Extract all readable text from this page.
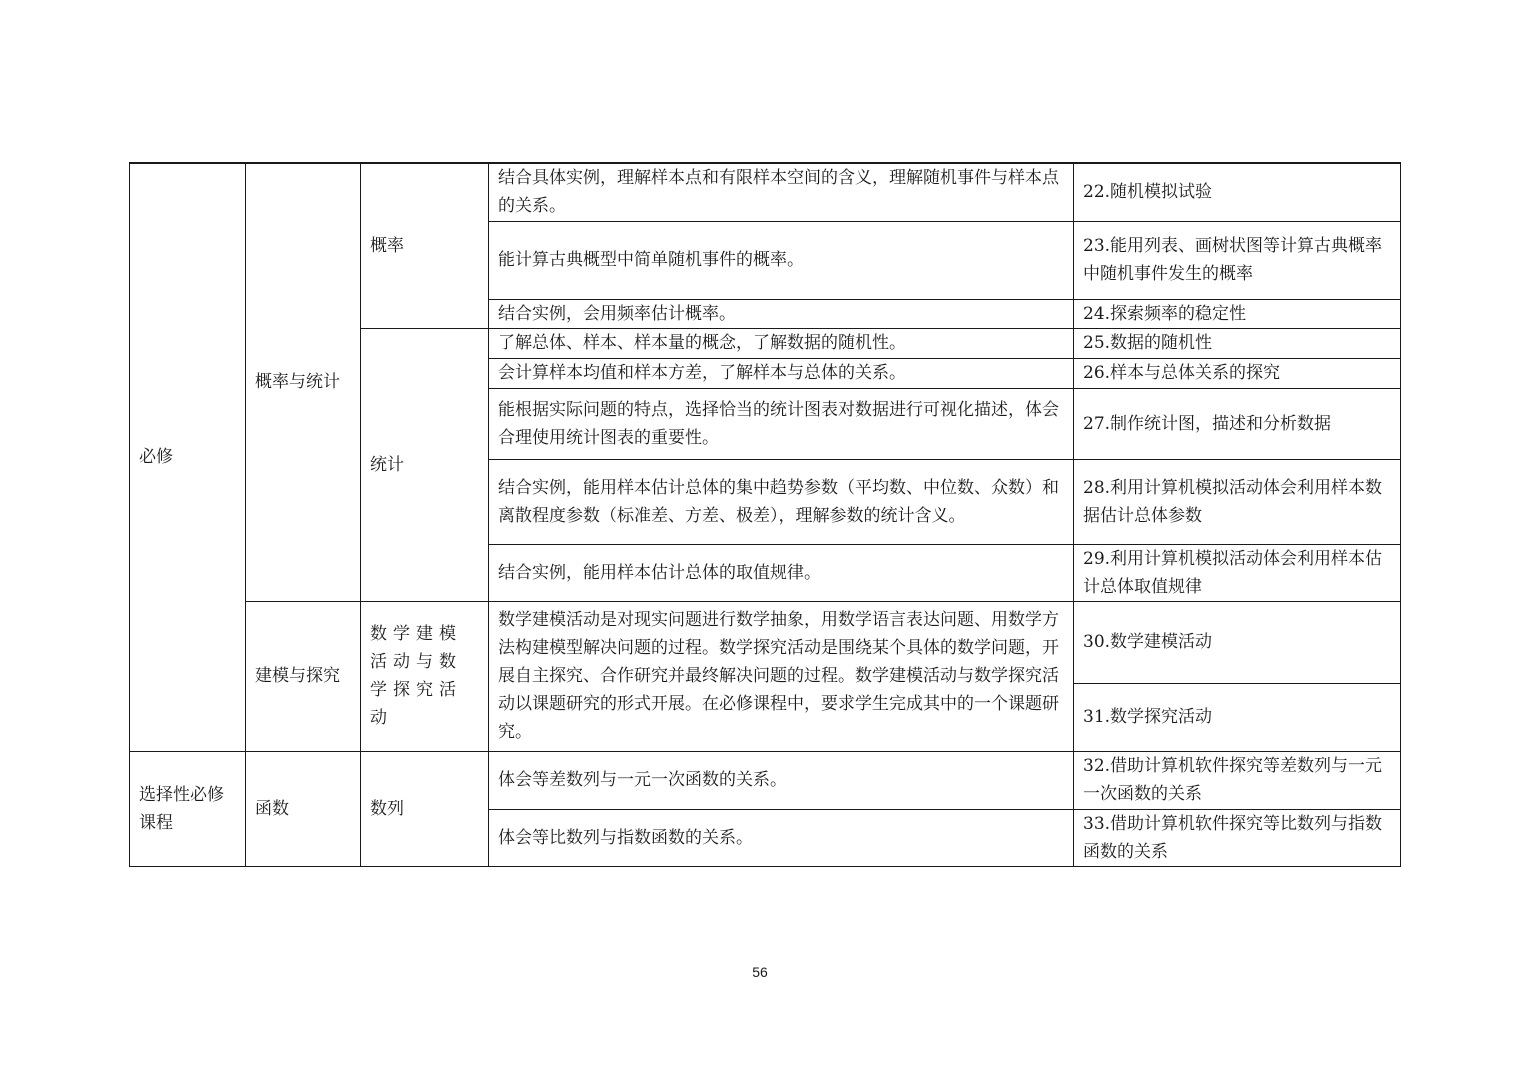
必修	概率与统计	概率	结合具体实例，理解样本点和有限样本空间的含义，理解随机事件与样本点的关系。	22.随机模拟试验
			能计算古典概型中简单随机事件的概率。	23.能用列表、画树状图等计算古典概率中随机事件发生的概率
			结合实例，会用频率估计概率。	24.探索频率的稳定性
		统计	了解总体、样本、样本量的概念，了解数据的随机性。	25.数据的随机性
			会计算样本均值和样本方差，了解样本与总体的关系。	26.样本与总体关系的探究
			能根据实际问题的特点，选择恰当的统计图表对数据进行可视化描述，体会合理使用统计图表的重要性。	27.制作统计图，描述和分析数据
			结合实例，能用样本估计总体的集中趋势参数（平均数、中位数、众数）和离散程度参数（标准差、方差、极差），理解参数的统计含义。	28.利用计算机模拟活动体会利用样本数据估计总体参数
			结合实例，能用样本估计总体的取值规律。	29.利用计算机模拟活动体会利用样本估计总体取值规律
	建模与探究	数学建模活动与数学探究活动	数学建模活动是对现实问题进行数学抽象，用数学语言表达问题、用数学方法构建模型解决问题的过程。数学探究活动是围绕某个具体的数学问题，开展自主探究、合作研究并最终解决问题的过程。数学建模活动与数学探究活动以课题研究的形式开展。在必修课程中，要求学生完成其中的一个课题研究。	30.数学建模活动
				31.数学探究活动
选择性必修课程	函数	数列	体会等差数列与一元一次函数的关系。	32.借助计算机软件探究等差数列与一元一次函数的关系
			体会等比数列与指数函数的关系。	33.借助计算机软件探究等比数列与指数函数的关系
56
